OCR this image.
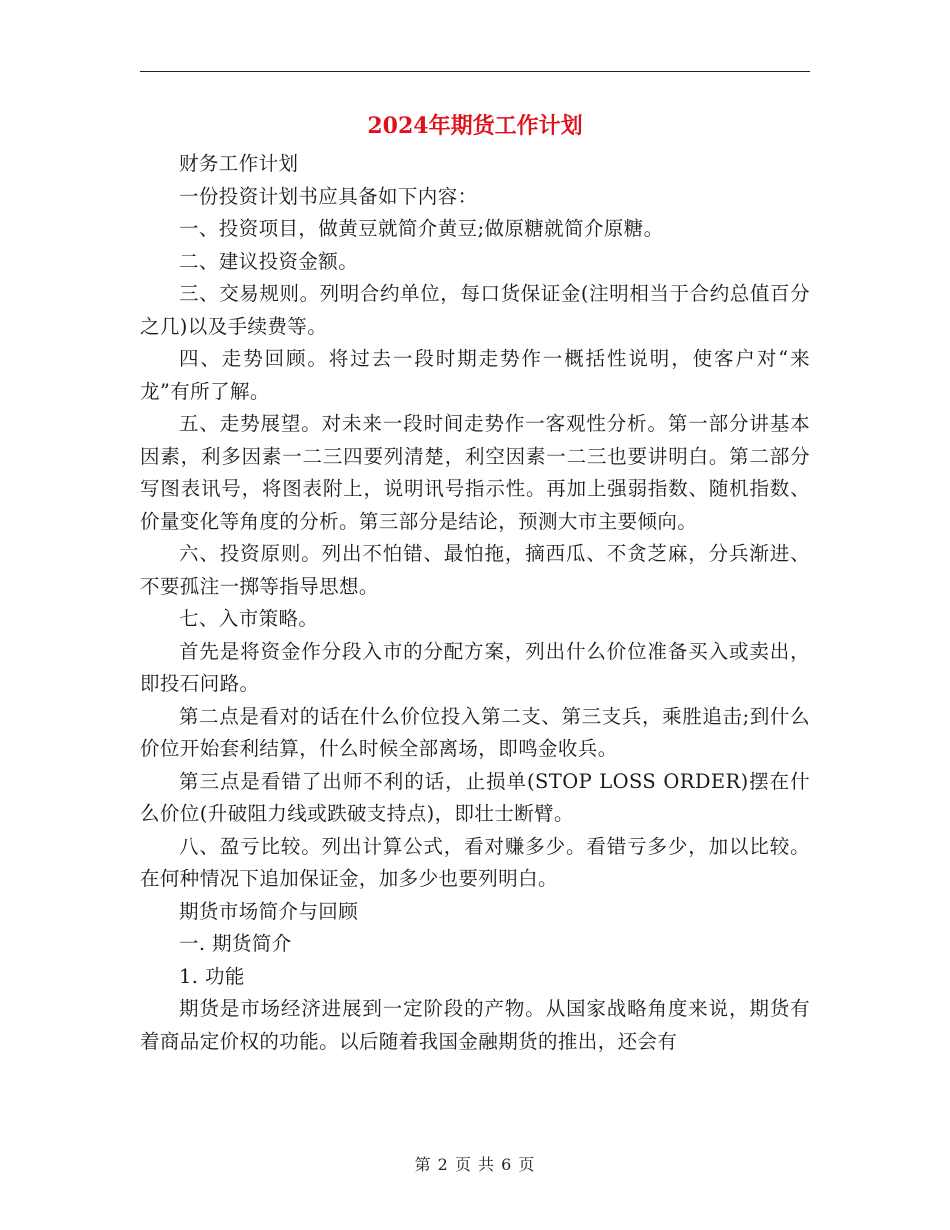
2024年期货工作计划

财务工作计划

一份投资计划书应具备如下内容：

一、投资项目，做黄豆就简介黄豆;做原糖就简介原糖。

二、建议投资金额。

三、交易规则。列明合约单位，每口货保证金(注明相当于合约总值百分之几)以及手续费等。

四、走势回顾。将过去一段时期走势作一概括性说明，使客户对“来龙”有所了解。

五、走势展望。对未来一段时间走势作一客观性分析。第一部分讲基本因素，利多因素一二三四要列清楚，利空因素一二三也要讲明白。第二部分写图表讯号，将图表附上，说明讯号指示性。再加上强弱指数、随机指数、价量变化等角度的分析。第三部分是结论，预测大市主要倾向。

六、投资原则。列出不怕错、最怕拖，摘西瓜、不贪芝麻，分兵渐进、不要孤注一掷等指导思想。

七、入市策略。

首先是将资金作分段入市的分配方案，列出什么价位准备买入或卖出，即投石问路。

第二点是看对的话在什么价位投入第二支、第三支兵，乘胜追击;到什么价位开始套利结算，什么时候全部离场，即鸣金收兵。

第三点是看错了出师不利的话，止损单(STOP LOSS ORDER)摆在什么价位(升破阻力线或跌破支持点)，即壮士断臂。

八、盈亏比较。列出计算公式，看对赚多少。看错亏多少，加以比较。在何种情况下追加保证金，加多少也要列明白。

期货市场简介与回顾

一. 期货简介

1. 功能

期货是市场经济进展到一定阶段的产物。从国家战略角度来说，期货有着商品定价权的功能。以后随着我国金融期货的推出，还会有

第 2 页 共 6 页
